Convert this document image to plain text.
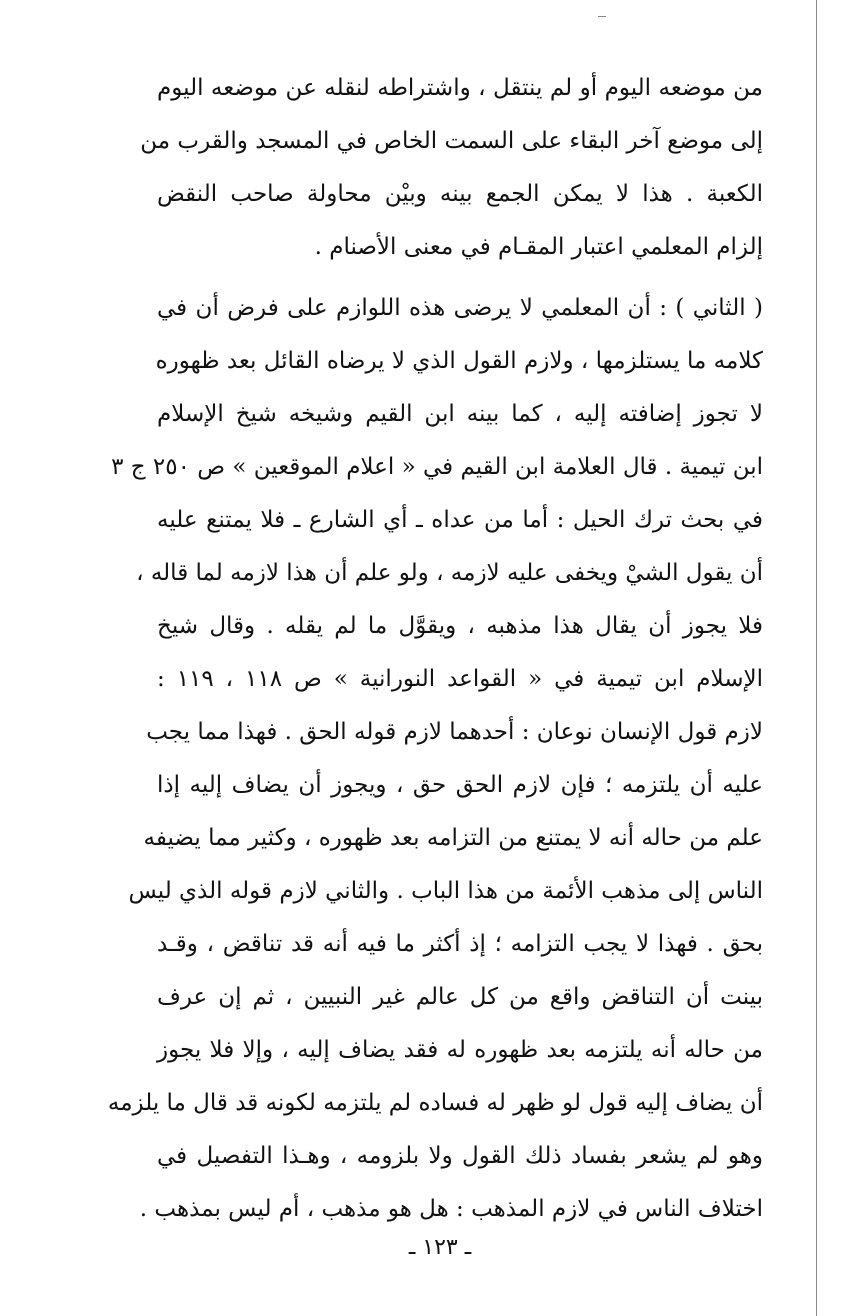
من موضعه اليوم أو لم ينتقل ، واشتراطه لنقله عن موضعه اليوم
إلى موضع آخر البقاء على السمت الخاص في المسجد والقرب من
الكعبة . هذا لا يمكن الجمع بينه وبيْن محاولة صاحب النقض
إلزام المعلمي اعتبار المقـام في معنى الأصنام .
( الثاني ) : أن المعلمي لا يرضى هذه اللوازم على فرض أن في
كلامه ما يستلزمها ، ولازم القول الذي لا يرضاه القائل بعد ظهوره
لا تجوز إضافته إليه ، كما بينه ابن القيم وشيخه شيخ الإسلام
ابن تيمية . قال العلامة ابن القيم في « اعلام الموقعين » ص ٢٥٠ ج ٣
في بحث ترك الحيل : أما من عداه ـ أي الشارع ـ فلا يمتنع عليه
أن يقول الشيْ ويخفى عليه لازمه ، ولو علم أن هذا لازمه لما قاله ،
فلا يجوز أن يقال هذا مذهبه ، ويقوَّل ما لم يقله . وقال شيخ
الإسلام ابن تيمية في « القواعد النورانية » ص ١١٨ ، ١١٩ :
لازم قول الإنسان نوعان : أحدهما لازم قوله الحق . فهذا مما يجب
عليه أن يلتزمه ؛ فإن لازم الحق حق ، ويجوز أن يضاف إليه إذا
علم من حاله أنه لا يمتنع من التزامه بعد ظهوره ، وكثير مما يضيفه
الناس إلى مذهب الأئمة من هذا الباب . والثاني لازم قوله الذي ليس
بحق . فهذا لا يجب التزامه ؛ إذ أكثر ما فيه أنه قد تناقض ، وقـد
بينت أن التناقض واقع من كل عالم غير النبيين ، ثم إن عرف
من حاله أنه يلتزمه بعد ظهوره له فقد يضاف إليه ، وإلا فلا يجوز
أن يضاف إليه قول لو ظهر له فساده لم يلتزمه لكونه قد قال ما يلزمه
وهو لم يشعر بفساد ذلك القول ولا بلزومه ، وهـذا التفصيل في
اختلاف الناس في لازم المذهب : هل هو مذهب ، أم ليس بمذهب .
ـ ١٢٣ ـ
